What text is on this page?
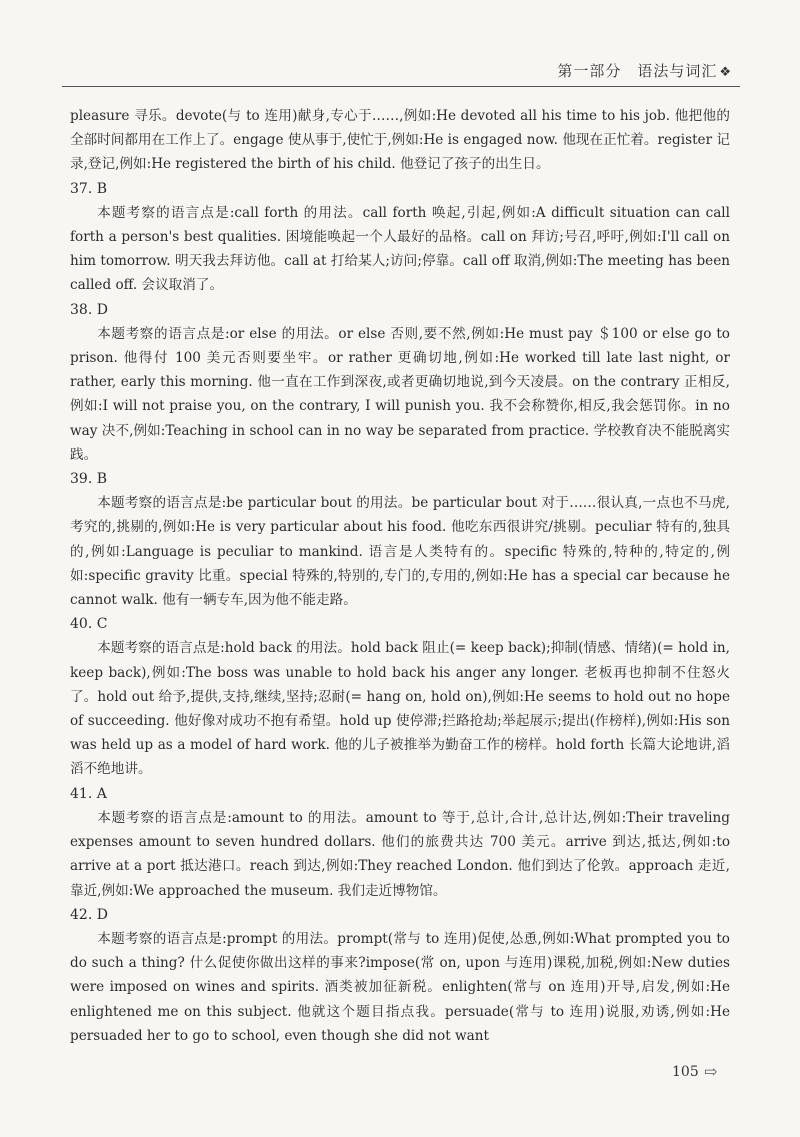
第一部分　语法与词汇 ❖

pleasure 寻乐。devote(与 to 连用)献身,专心于……,例如:He devoted all his time to his job. 他把他的全部时间都用在工作上了。engage 使从事于,使忙于,例如:He is engaged now. 他现在正忙着。register 记录,登记,例如:He registered the birth of his child. 他登记了孩子的出生日。

37. B

本题考察的语言点是:call forth 的用法。call forth 唤起,引起,例如:A difficult situation can call forth a person's best qualities. 困境能唤起一个人最好的品格。call on 拜访;号召,呼吁,例如:I'll call on him tomorrow. 明天我去拜访他。call at 打给某人;访问;停靠。call off 取消,例如:The meeting has been called off. 会议取消了。

38. D

本题考察的语言点是:or else 的用法。or else 否则,要不然,例如:He must pay ＄100 or else go to prison. 他得付 100 美元否则要坐牢。or rather 更确切地,例如:He worked till late last night, or rather, early this morning. 他一直在工作到深夜,或者更确切地说,到今天凌晨。on the contrary 正相反,例如:I will not praise you, on the contrary, I will punish you. 我不会称赞你,相反,我会惩罚你。in no way 决不,例如:Teaching in school can in no way be separated from practice. 学校教育决不能脱离实践。

39. B

本题考察的语言点是:be particular bout 的用法。be particular bout 对于……很认真,一点也不马虎,考究的,挑剔的,例如:He is very particular about his food. 他吃东西很讲究/挑剔。peculiar 特有的,独具的,例如:Language is peculiar to mankind. 语言是人类特有的。specific 特殊的,特种的,特定的,例如:specific gravity 比重。special 特殊的,特别的,专门的,专用的,例如:He has a special car because he cannot walk. 他有一辆专车,因为他不能走路。

40. C

本题考察的语言点是:hold back 的用法。hold back 阻止(= keep back);抑制(情感、情绪)(= hold in, keep back),例如:The boss was unable to hold back his anger any longer. 老板再也抑制不住怒火了。hold out 给予,提供,支持,继续,坚持;忍耐(= hang on, hold on),例如:He seems to hold out no hope of succeeding. 他好像对成功不抱有希望。hold up 使停滞;拦路抢劫;举起展示;提出(作榜样),例如:His son was held up as a model of hard work. 他的儿子被推举为勤奋工作的榜样。hold forth 长篇大论地讲,滔滔不绝地讲。

41. A

本题考察的语言点是:amount to 的用法。amount to 等于,总计,合计,总计达,例如:Their traveling expenses amount to seven hundred dollars. 他们的旅费共达 700 美元。arrive 到达,抵达,例如:to arrive at a port 抵达港口。reach 到达,例如:They reached London. 他们到达了伦敦。approach 走近,靠近,例如:We approached the museum. 我们走近博物馆。

42. D

本题考察的语言点是:prompt 的用法。prompt(常与 to 连用)促使,怂恿,例如:What prompted you to do such a thing? 什么促使你做出这样的事来?impose(常 on, upon 与连用)课税,加税,例如:New duties were imposed on wines and spirits. 酒类被加征新税。enlighten(常与 on 连用)开导,启发,例如:He enlightened me on this subject. 他就这个题目指点我。persuade(常与 to 连用)说服,劝诱,例如:He persuaded her to go to school, even though she did not want

105 ⇨
